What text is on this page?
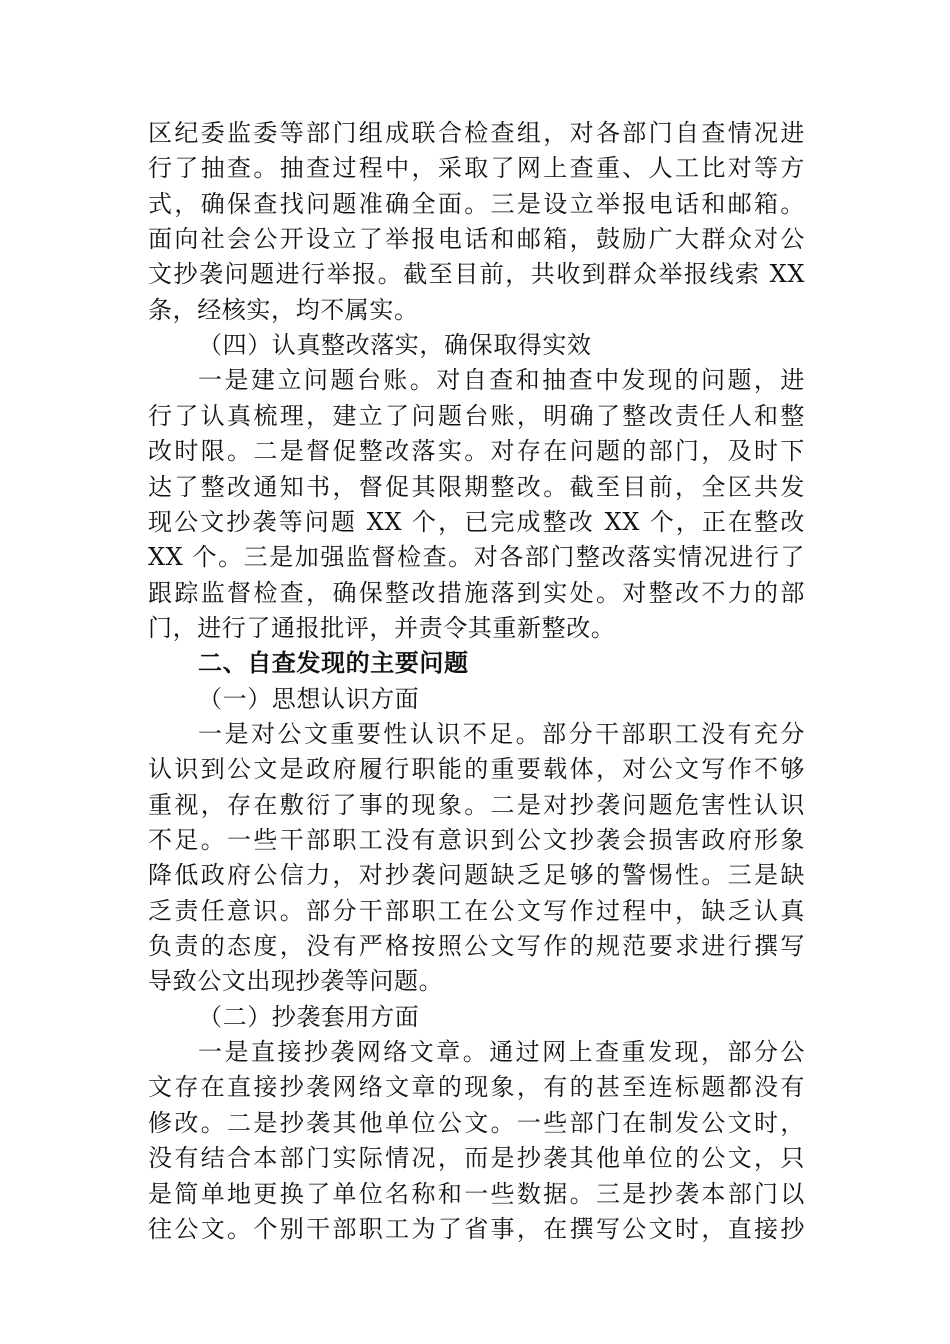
区纪委监委等部门组成联合检查组，对各部门自查情况进
行了抽查。抽查过程中，采取了网上查重、人工比对等方
式，确保查找问题准确全面。三是设立举报电话和邮箱。
面向社会公开设立了举报电话和邮箱，鼓励广大群众对公
文抄袭问题进行举报。截至目前，共收到群众举报线索 XX
条，经核实，均不属实。
（四）认真整改落实，确保取得实效
一是建立问题台账。对自查和抽查中发现的问题，进
行了认真梳理，建立了问题台账，明确了整改责任人和整
改时限。二是督促整改落实。对存在问题的部门，及时下
达了整改通知书，督促其限期整改。截至目前，全区共发
现公文抄袭等问题 XX 个，已完成整改 XX 个，正在整改
XX 个。三是加强监督检查。对各部门整改落实情况进行了
跟踪监督检查，确保整改措施落到实处。对整改不力的部
门，进行了通报批评，并责令其重新整改。
二、自查发现的主要问题
（一）思想认识方面
一是对公文重要性认识不足。部分干部职工没有充分
认识到公文是政府履行职能的重要载体，对公文写作不够
重视，存在敷衍了事的现象。二是对抄袭问题危害性认识
不足。一些干部职工没有意识到公文抄袭会损害政府形象
降低政府公信力，对抄袭问题缺乏足够的警惕性。三是缺
乏责任意识。部分干部职工在公文写作过程中，缺乏认真
负责的态度，没有严格按照公文写作的规范要求进行撰写
导致公文出现抄袭等问题。
（二）抄袭套用方面
一是直接抄袭网络文章。通过网上查重发现，部分公
文存在直接抄袭网络文章的现象，有的甚至连标题都没有
修改。二是抄袭其他单位公文。一些部门在制发公文时，
没有结合本部门实际情况，而是抄袭其他单位的公文，只
是简单地更换了单位名称和一些数据。三是抄袭本部门以
往公文。个别干部职工为了省事，在撰写公文时，直接抄
